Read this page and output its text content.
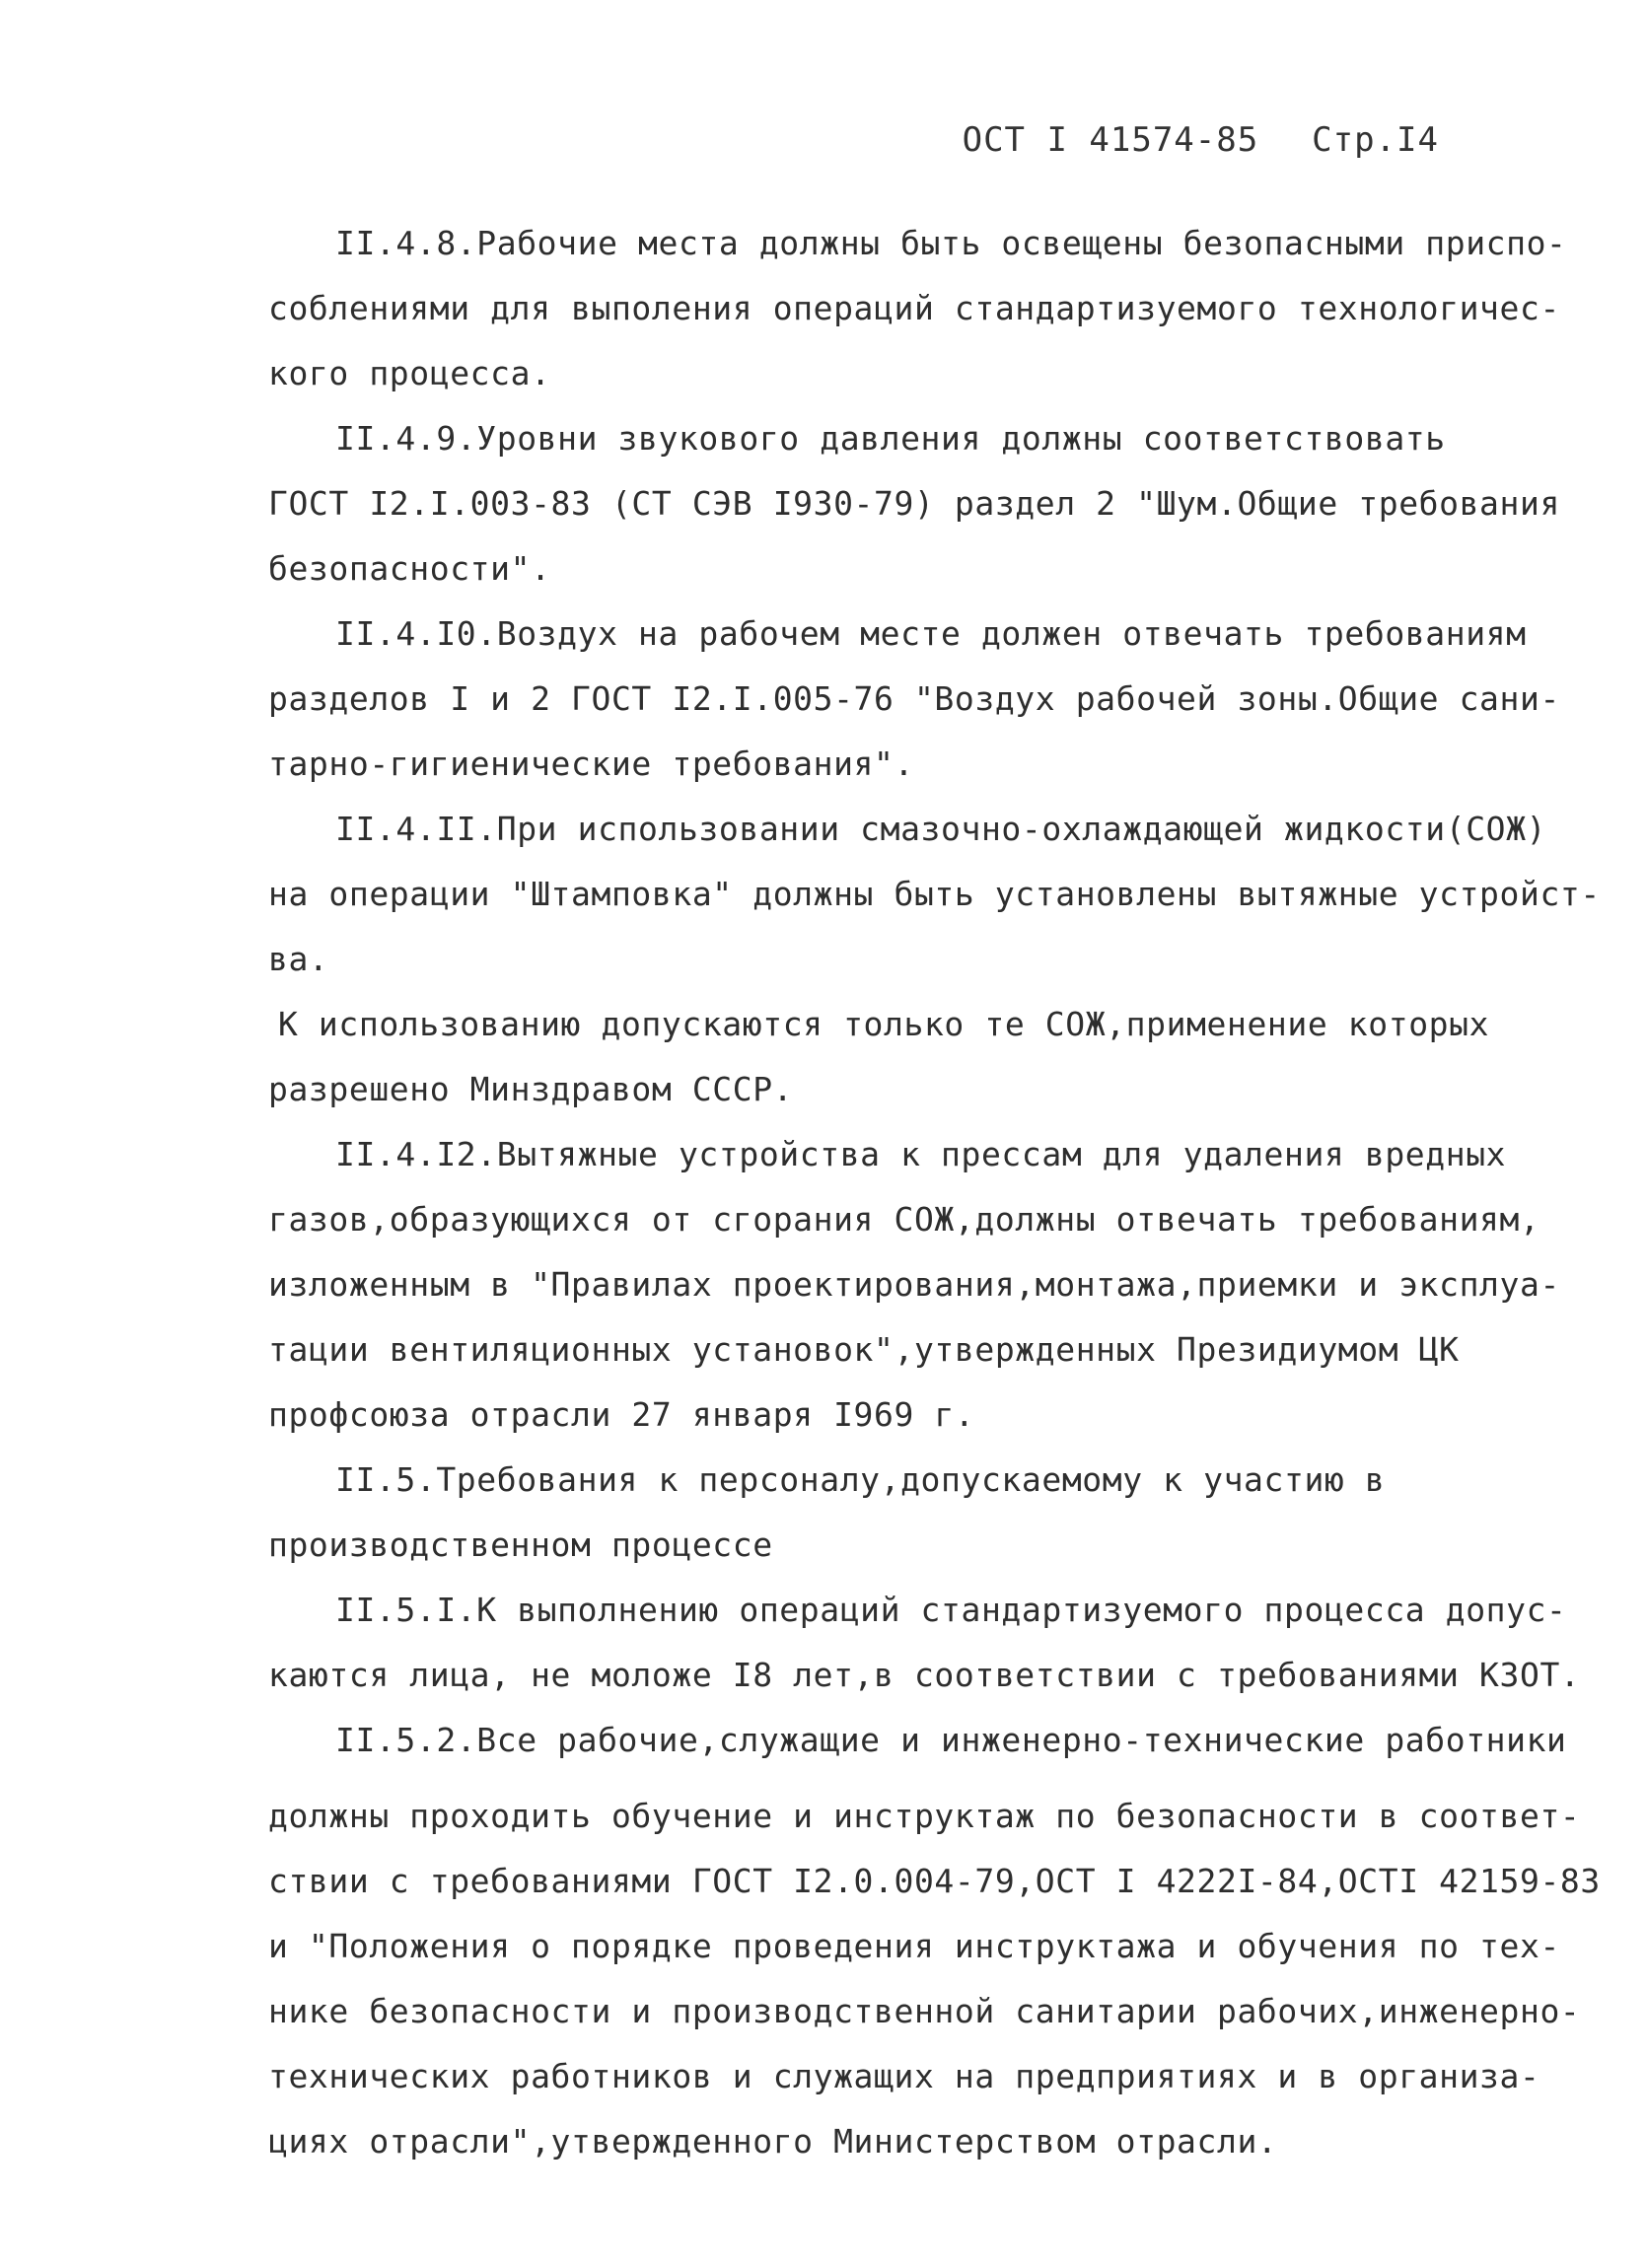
ОСТ I 41574-85 Стр.I4
II.4.8.Рабочие места должны быть освещены безопасными приспо-
соблениями для выполения операций стандартизуемого технологичес-
кого процесса.
II.4.9.Уровни звукового давления должны соответствовать
ГОСТ I2.I.003-83 (СТ СЭВ I930-79) раздел 2 "Шум.Общие требования
безопасности".
II.4.I0.Воздух на рабочем месте должен отвечать требованиям
разделов I и 2 ГОСТ I2.I.005-76 "Воздух рабочей зоны.Общие сани-
тарно-гигиенические требования".
II.4.II.При использовании смазочно-охлаждающей жидкости(СОЖ)
на операции "Штамповка" должны быть установлены вытяжные устройст-
ва.
К использованию допускаются только те СОЖ,применение которых
разрешено Минздравом СССР.
II.4.I2.Вытяжные устройства к прессам для удаления вредных
газов,образующихся от сгорания СОЖ,должны отвечать требованиям,
изложенным в "Правилах проектирования,монтажа,приемки и эксплуа-
тации вентиляционных установок",утвержденных Президиумом ЦК
профсоюза отрасли 27 января I969 г.
II.5.Требования к персоналу,допускаемому к участию в
производственном процессе
II.5.I.К выполнению операций стандартизуемого процесса допус-
каются лица, не моложе I8 лет,в соответствии с требованиями КЗОТ.
II.5.2.Все рабочие,служащие и инженерно-технические работники
должны проходить обучение и инструктаж по безопасности в соответ-
ствии с требованиями ГОСТ I2.0.004-79,ОСТ I 4222I-84,ОСТI 42159-83
и "Положения о порядке проведения инструктажа и обучения по тех-
нике безопасности и производственной санитарии рабочих,инженерно-
технических работников и служащих на предприятиях и в организа-
циях отрасли",утвержденного Министерством отрасли.
